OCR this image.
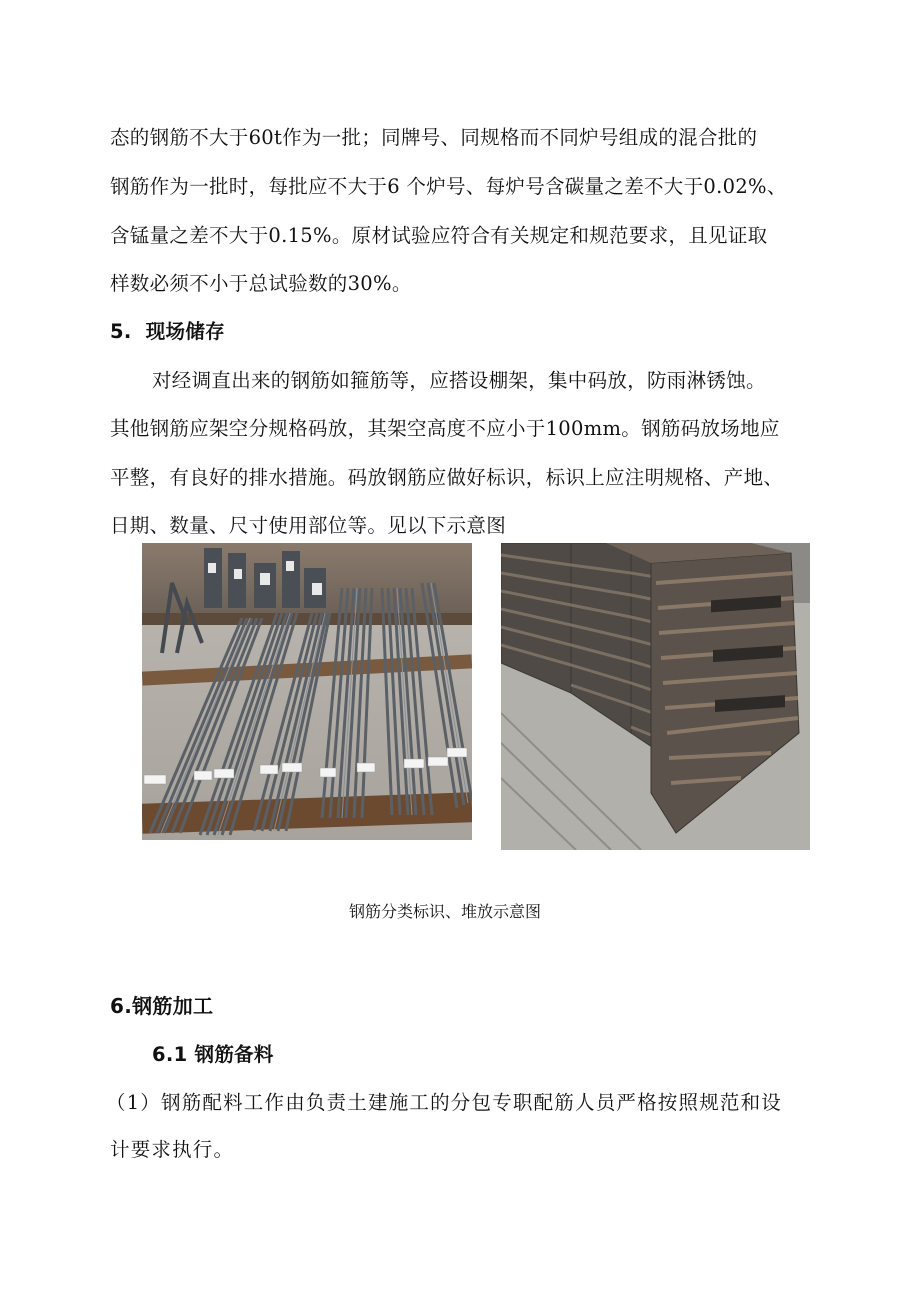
态的钢筋不大于60t作为一批；同牌号、同规格而不同炉号组成的混合批的
钢筋作为一批时，每批应不大于6 个炉号、每炉号含碳量之差不大于0.02%、
含锰量之差不大于0.15%。原材试验应符合有关规定和规范要求，且见证取
样数必须不小于总试验数的30%。
5.  现场储存
对经调直出来的钢筋如箍筋等，应搭设棚架，集中码放，防雨淋锈蚀。
其他钢筋应架空分规格码放，其架空高度不应小于100mm。钢筋码放场地应
平整，有良好的排水措施。码放钢筋应做好标识，标识上应注明规格、产地、
日期、数量、尺寸使用部位等。见以下示意图
钢筋分类标识、堆放示意图
6.钢筋加工
6.1 钢筋备料
（1）钢筋配料工作由负责土建施工的分包专职配筋人员严格按照规范和设
计要求执行。
